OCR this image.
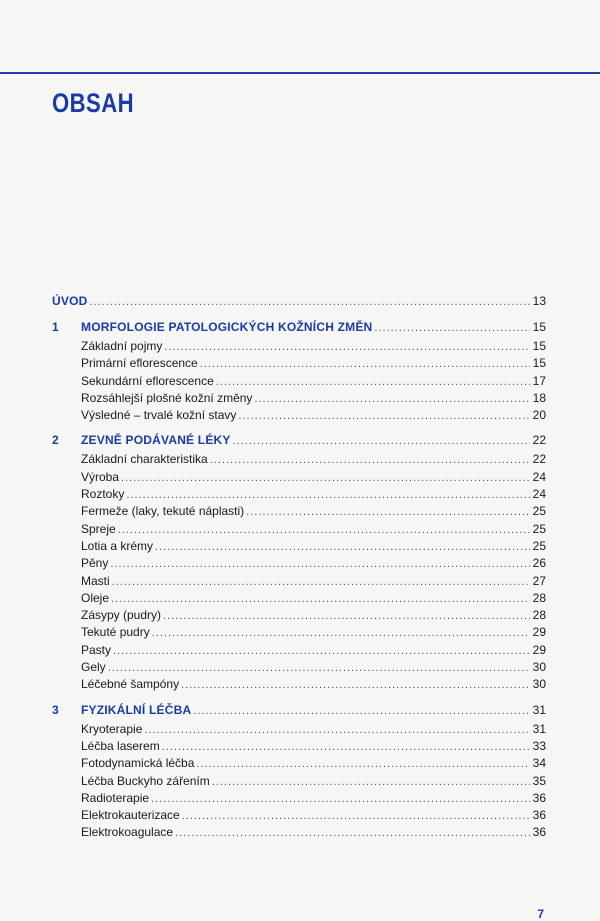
OBSAH
ÚVOD .....	13
1 MORFOLOGIE PATOLOGICKÝCH KOŽNÍCH ZMĚN .....	15
Základní pojmy .....	15
Primární eflorescence .....	15
Sekundární eflorescence .....	17
Rozsáhlejší plošné kožní změny .....	18
Výsledné – trvalé kožní stavy .....	20
2 ZEVNĚ PODÁVANÉ LÉKY .....	22
Základní charakteristika .....	22
Výroba .....	24
Roztoky .....	24
Fermeže (laky, tekuté náplasti) .....	25
Spreje .....	25
Lotia a krémy .....	25
Pěny .....	26
Masti .....	27
Oleje .....	28
Zásypy (pudry) .....	28
Tekuté pudry .....	29
Pasty .....	29
Gely .....	30
Léčebné šampóny .....	30
3 FYZIKÁLNÍ LÉČBA .....	31
Kryoterapie .....	31
Léčba laserem .....	33
Fotodynamická léčba .....	34
Léčba Buckyho zářením .....	35
Radioterapie .....	36
Elektrokauterizace .....	36
Elektrokoagulace .....	36
7
